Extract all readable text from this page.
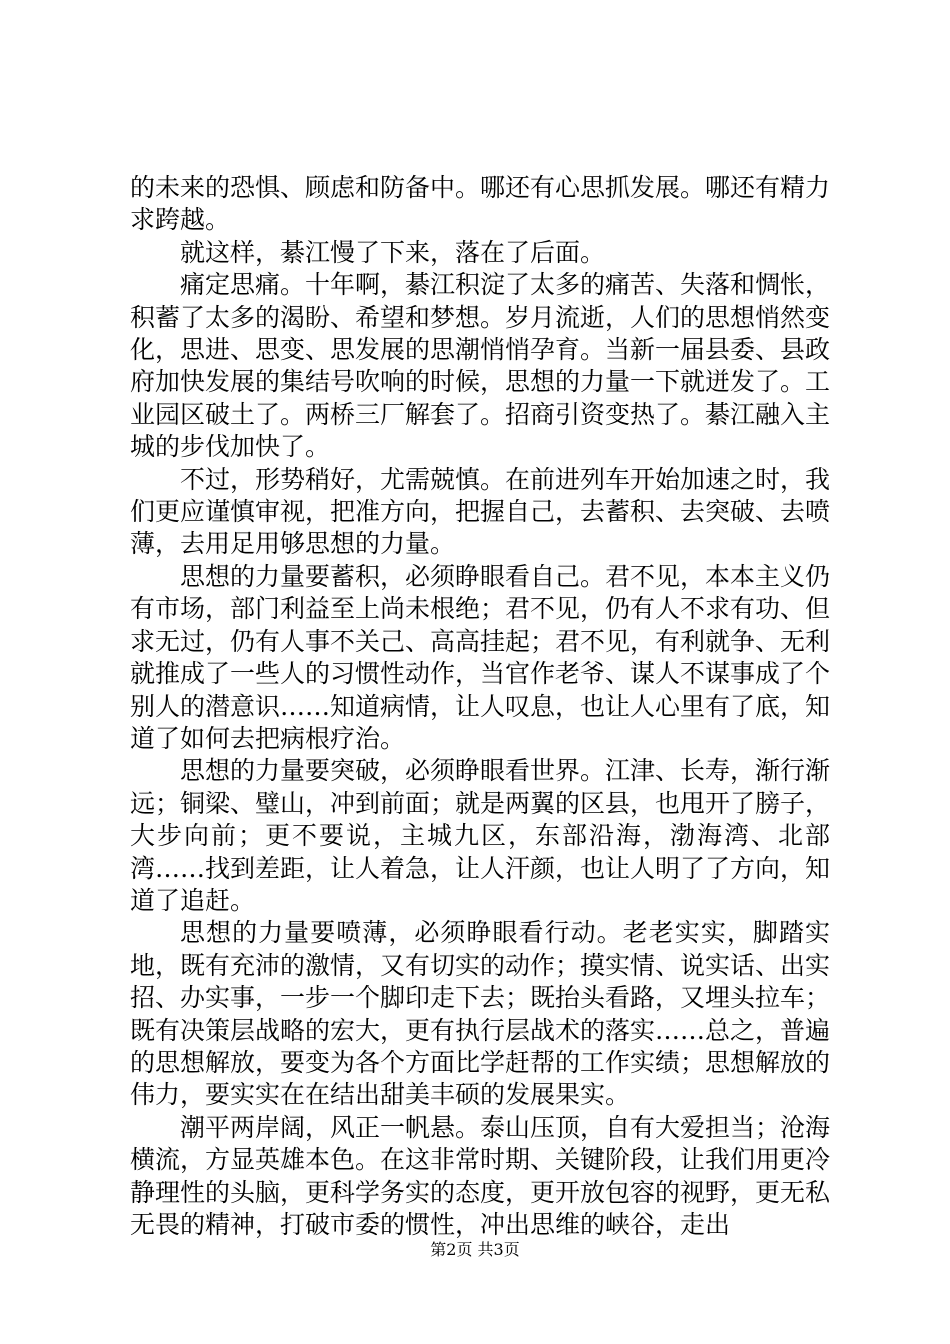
的未来的恐惧、顾虑和防备中。哪还有心思抓发展。哪还有精力求跨越。

就这样，綦江慢了下来，落在了后面。

痛定思痛。十年啊，綦江积淀了太多的痛苦、失落和惆怅，积蓄了太多的渴盼、希望和梦想。岁月流逝，人们的思想悄然变化，思进、思变、思发展的思潮悄悄孕育。当新一届县委、县政府加快发展的集结号吹响的时候，思想的力量一下就迸发了。工业园区破土了。两桥三厂解套了。招商引资变热了。綦江融入主城的步伐加快了。

不过，形势稍好，尤需兢慎。在前进列车开始加速之时，我们更应谨慎审视，把准方向，把握自己，去蓄积、去突破、去喷薄，去用足用够思想的力量。

思想的力量要蓄积，必须睁眼看自己。君不见，本本主义仍有市场，部门利益至上尚未根绝；君不见，仍有人不求有功、但求无过，仍有人事不关己、高高挂起；君不见，有利就争、无利就推成了一些人的习惯性动作，当官作老爷、谋人不谋事成了个别人的潜意识……知道病情，让人叹息，也让人心里有了底，知道了如何去把病根疗治。

思想的力量要突破，必须睁眼看世界。江津、长寿，渐行渐远；铜梁、璧山，冲到前面；就是两翼的区县，也甩开了膀子，大步向前；更不要说，主城九区，东部沿海，渤海湾、北部湾……找到差距，让人着急，让人汗颜，也让人明了了方向，知道了追赶。

思想的力量要喷薄，必须睁眼看行动。老老实实，脚踏实地，既有充沛的激情，又有切实的动作；摸实情、说实话、出实招、办实事，一步一个脚印走下去；既抬头看路，又埋头拉车；既有决策层战略的宏大，更有执行层战术的落实……总之，普遍的思想解放，要变为各个方面比学赶帮的工作实绩；思想解放的伟力，要实实在在结出甜美丰硕的发展果实。

潮平两岸阔，风正一帆悬。泰山压顶，自有大爱担当；沧海横流，方显英雄本色。在这非常时期、关键阶段，让我们用更冷静理性的头脑，更科学务实的态度，更开放包容的视野，更无私无畏的精神，打破市委的惯性，冲出思维的峡谷，走出

第2页 共3页
